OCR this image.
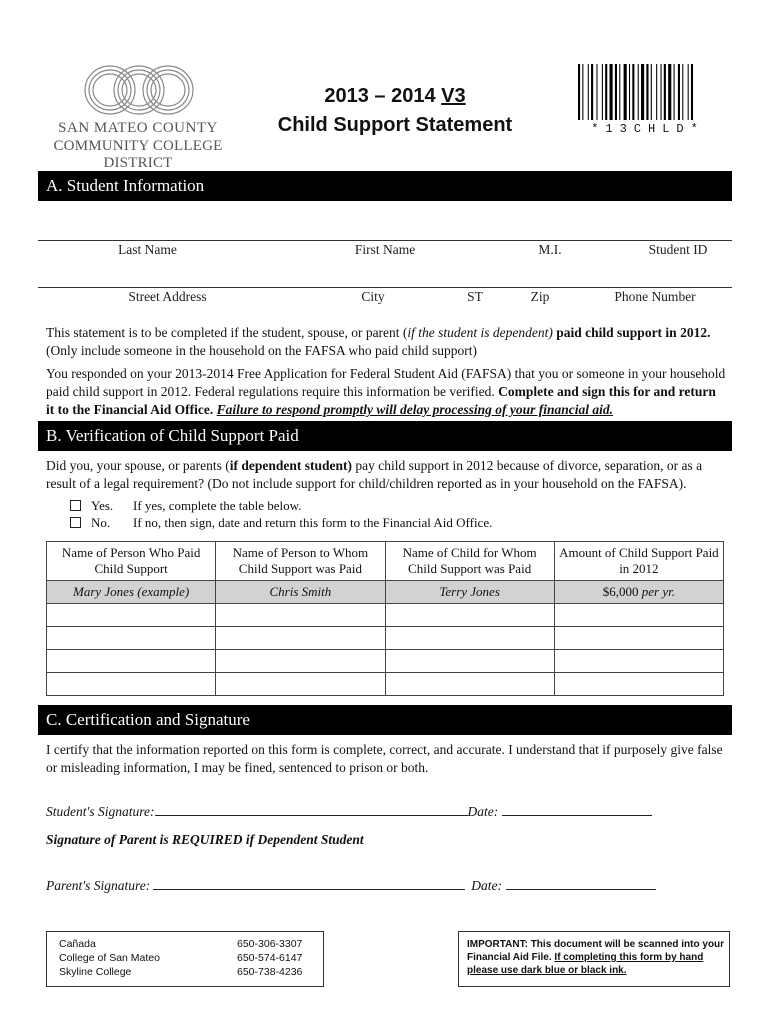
SAN MATEO COUNTY
COMMUNITY COLLEGE DISTRICT
2013 – 2014 V3
Child Support Statement	*13CHLD*
A. Student Information
Last Name	First Name	M.I.	Student ID
Street Address	City	ST	Zip	Phone Number
This statement is to be completed if the student, spouse, or parent (if the student is dependent) paid child support in 2012. (Only include someone in the household on the FAFSA who paid child support)
You responded on your 2013-2014 Free Application for Federal Student Aid (FAFSA) that you or someone in your household paid child support in 2012. Federal regulations require this information be verified. Complete and sign this for and return it to the Financial Aid Office. Failure to respond promptly will delay processing of your financial aid.
B. Verification of Child Support Paid
Did you, your spouse, or parents (if dependent student) pay child support in 2012 because of divorce, separation, or as a result of a legal requirement? (Do not include support for child/children reported as in your household on the FAFSA).
Yes. If yes, complete the table below.
No. If no, then sign, date and return this form to the Financial Aid Office.
Name of Person Who Paid Child Support	Name of Person to Whom Child Support was Paid	Name of Child for Whom Child Support was Paid	Amount of Child Support Paid in 2012
Mary Jones (example)	Chris Smith	Terry Jones	$6,000 per yr.

C. Certification and Signature
I certify that the information reported on this form is complete, correct, and accurate. I understand that if purposely give false or misleading information, I may be fined, sentenced to prison or both.
Student's Signature:	Date:
Signature of Parent is REQUIRED if Dependent Student
Parent's Signature:	Date:
Cañada	650-306-3307
College of San Mateo	650-574-6147
Skyline College	650-738-4236
IMPORTANT: This document will be scanned into your Financial Aid File. If completing this form by hand please use dark blue or black ink.
